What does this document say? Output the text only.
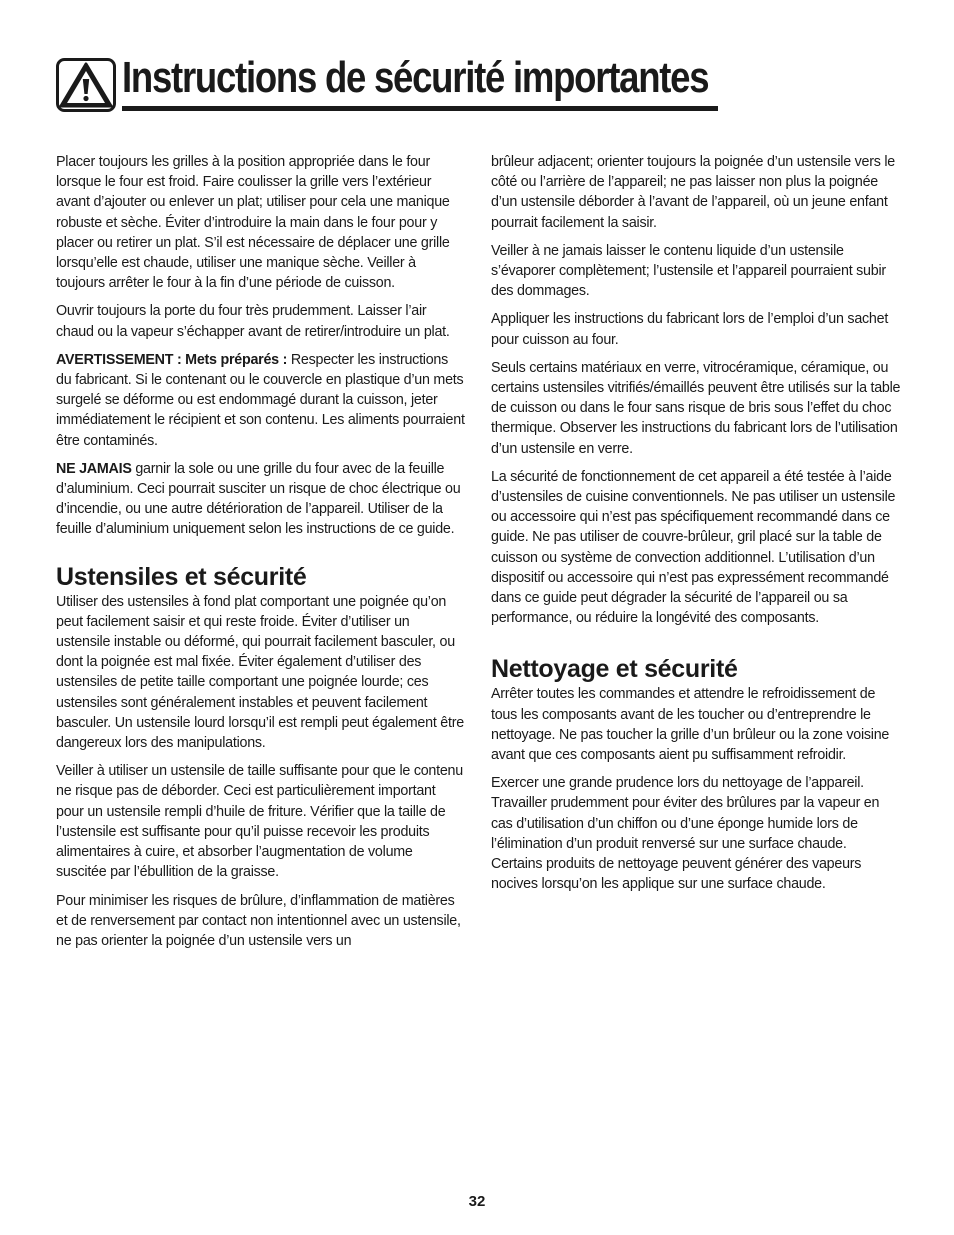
Instructions de sécurité importantes

Placer toujours les grilles à la position appropriée dans le four lorsque le four est froid. Faire coulisser la grille vers l’extérieur avant d’ajouter ou enlever un plat; utiliser pour cela une manique robuste et sèche. Éviter d’introduire la main dans le four pour y placer ou retirer un plat. S’il est nécessaire de déplacer une grille lorsqu’elle est chaude, utiliser une manique sèche. Veiller à toujours arrêter le four à la fin d’une période de cuisson.

Ouvrir toujours la porte du four très prudemment. Laisser l’air chaud ou la vapeur s’échapper avant de retirer/introduire un plat.

AVERTISSEMENT : Mets préparés : Respecter les instructions du fabricant. Si le contenant ou le couvercle en plastique d’un mets surgelé se déforme ou est endommagé durant la cuisson, jeter immédiatement le récipient et son contenu. Les aliments pourraient être contaminés.

NE JAMAIS garnir la sole ou une grille du four avec de la feuille d’aluminium. Ceci pourrait susciter un risque de choc électrique ou d’incendie, ou une autre détérioration de l’appareil. Utiliser de la feuille d’aluminium uniquement selon les instructions de ce guide.

Ustensiles et sécurité

Utiliser des ustensiles à fond plat comportant une poignée qu’on peut facilement saisir et qui reste froide. Éviter d’utiliser un ustensile instable ou déformé, qui pourrait facilement basculer, ou dont la poignée est mal fixée. Éviter également d’utiliser des ustensiles de petite taille comportant une poignée lourde; ces ustensiles sont généralement instables et peuvent facilement basculer. Un ustensile lourd lorsqu’il est rempli peut également être dangereux lors des manipulations.

Veiller à utiliser un ustensile de taille suffisante pour que le contenu ne risque pas de déborder. Ceci est particulièrement important pour un ustensile rempli d’huile de friture. Vérifier que la taille de l’ustensile est suffisante pour qu’il puisse recevoir les produits alimentaires à cuire, et absorber l’augmentation de volume suscitée par l’ébullition de la graisse.

Pour minimiser les risques de brûlure, d’inflammation de matières et de renversement par contact non intentionnel avec un ustensile, ne pas orienter la poignée d’un ustensile vers un

brûleur adjacent; orienter toujours la poignée d’un ustensile vers le côté ou l’arrière de l’appareil; ne pas laisser non plus la poignée d’un ustensile déborder à l’avant de l’appareil, où un jeune enfant pourrait facilement la saisir.

Veiller à ne jamais laisser le contenu liquide d’un ustensile s’évaporer complètement; l’ustensile et l’appareil pourraient subir des dommages.

Appliquer les instructions du fabricant lors de l’emploi d’un sachet pour cuisson au four.

Seuls certains matériaux en verre, vitrocéramique, céramique, ou certains ustensiles vitrifiés/émaillés peuvent être utilisés sur la table de cuisson ou dans le four sans risque de bris sous l’effet du choc thermique. Observer les instructions du fabricant lors de l’utilisation d’un ustensile en verre.

La sécurité de fonctionnement de cet appareil a été testée à l’aide d’ustensiles de cuisine conventionnels. Ne pas utiliser un ustensile ou accessoire qui n’est pas spécifiquement recommandé dans ce guide. Ne pas utiliser de couvre-brûleur, gril placé sur la table de cuisson ou système de convection additionnel. L’utilisation d’un dispositif ou accessoire qui n’est pas expressément recommandé dans ce guide peut dégrader la sécurité de l’appareil ou sa performance, ou réduire la longévité des composants.

Nettoyage et sécurité

Arrêter toutes les commandes et attendre le refroidissement de tous les composants avant de les toucher ou d’entreprendre le nettoyage. Ne pas toucher la grille d’un brûleur ou la zone voisine avant que ces composants aient pu suffisamment refroidir.

Exercer une grande prudence lors du nettoyage de l’appareil. Travailler prudemment pour éviter des brûlures par la vapeur en cas d’utilisation d’un chiffon ou d’une éponge humide lors de l’élimination d’un produit renversé sur une surface chaude. Certains produits de nettoyage peuvent générer des vapeurs nocives lorsqu’on les applique sur une surface chaude.

32
